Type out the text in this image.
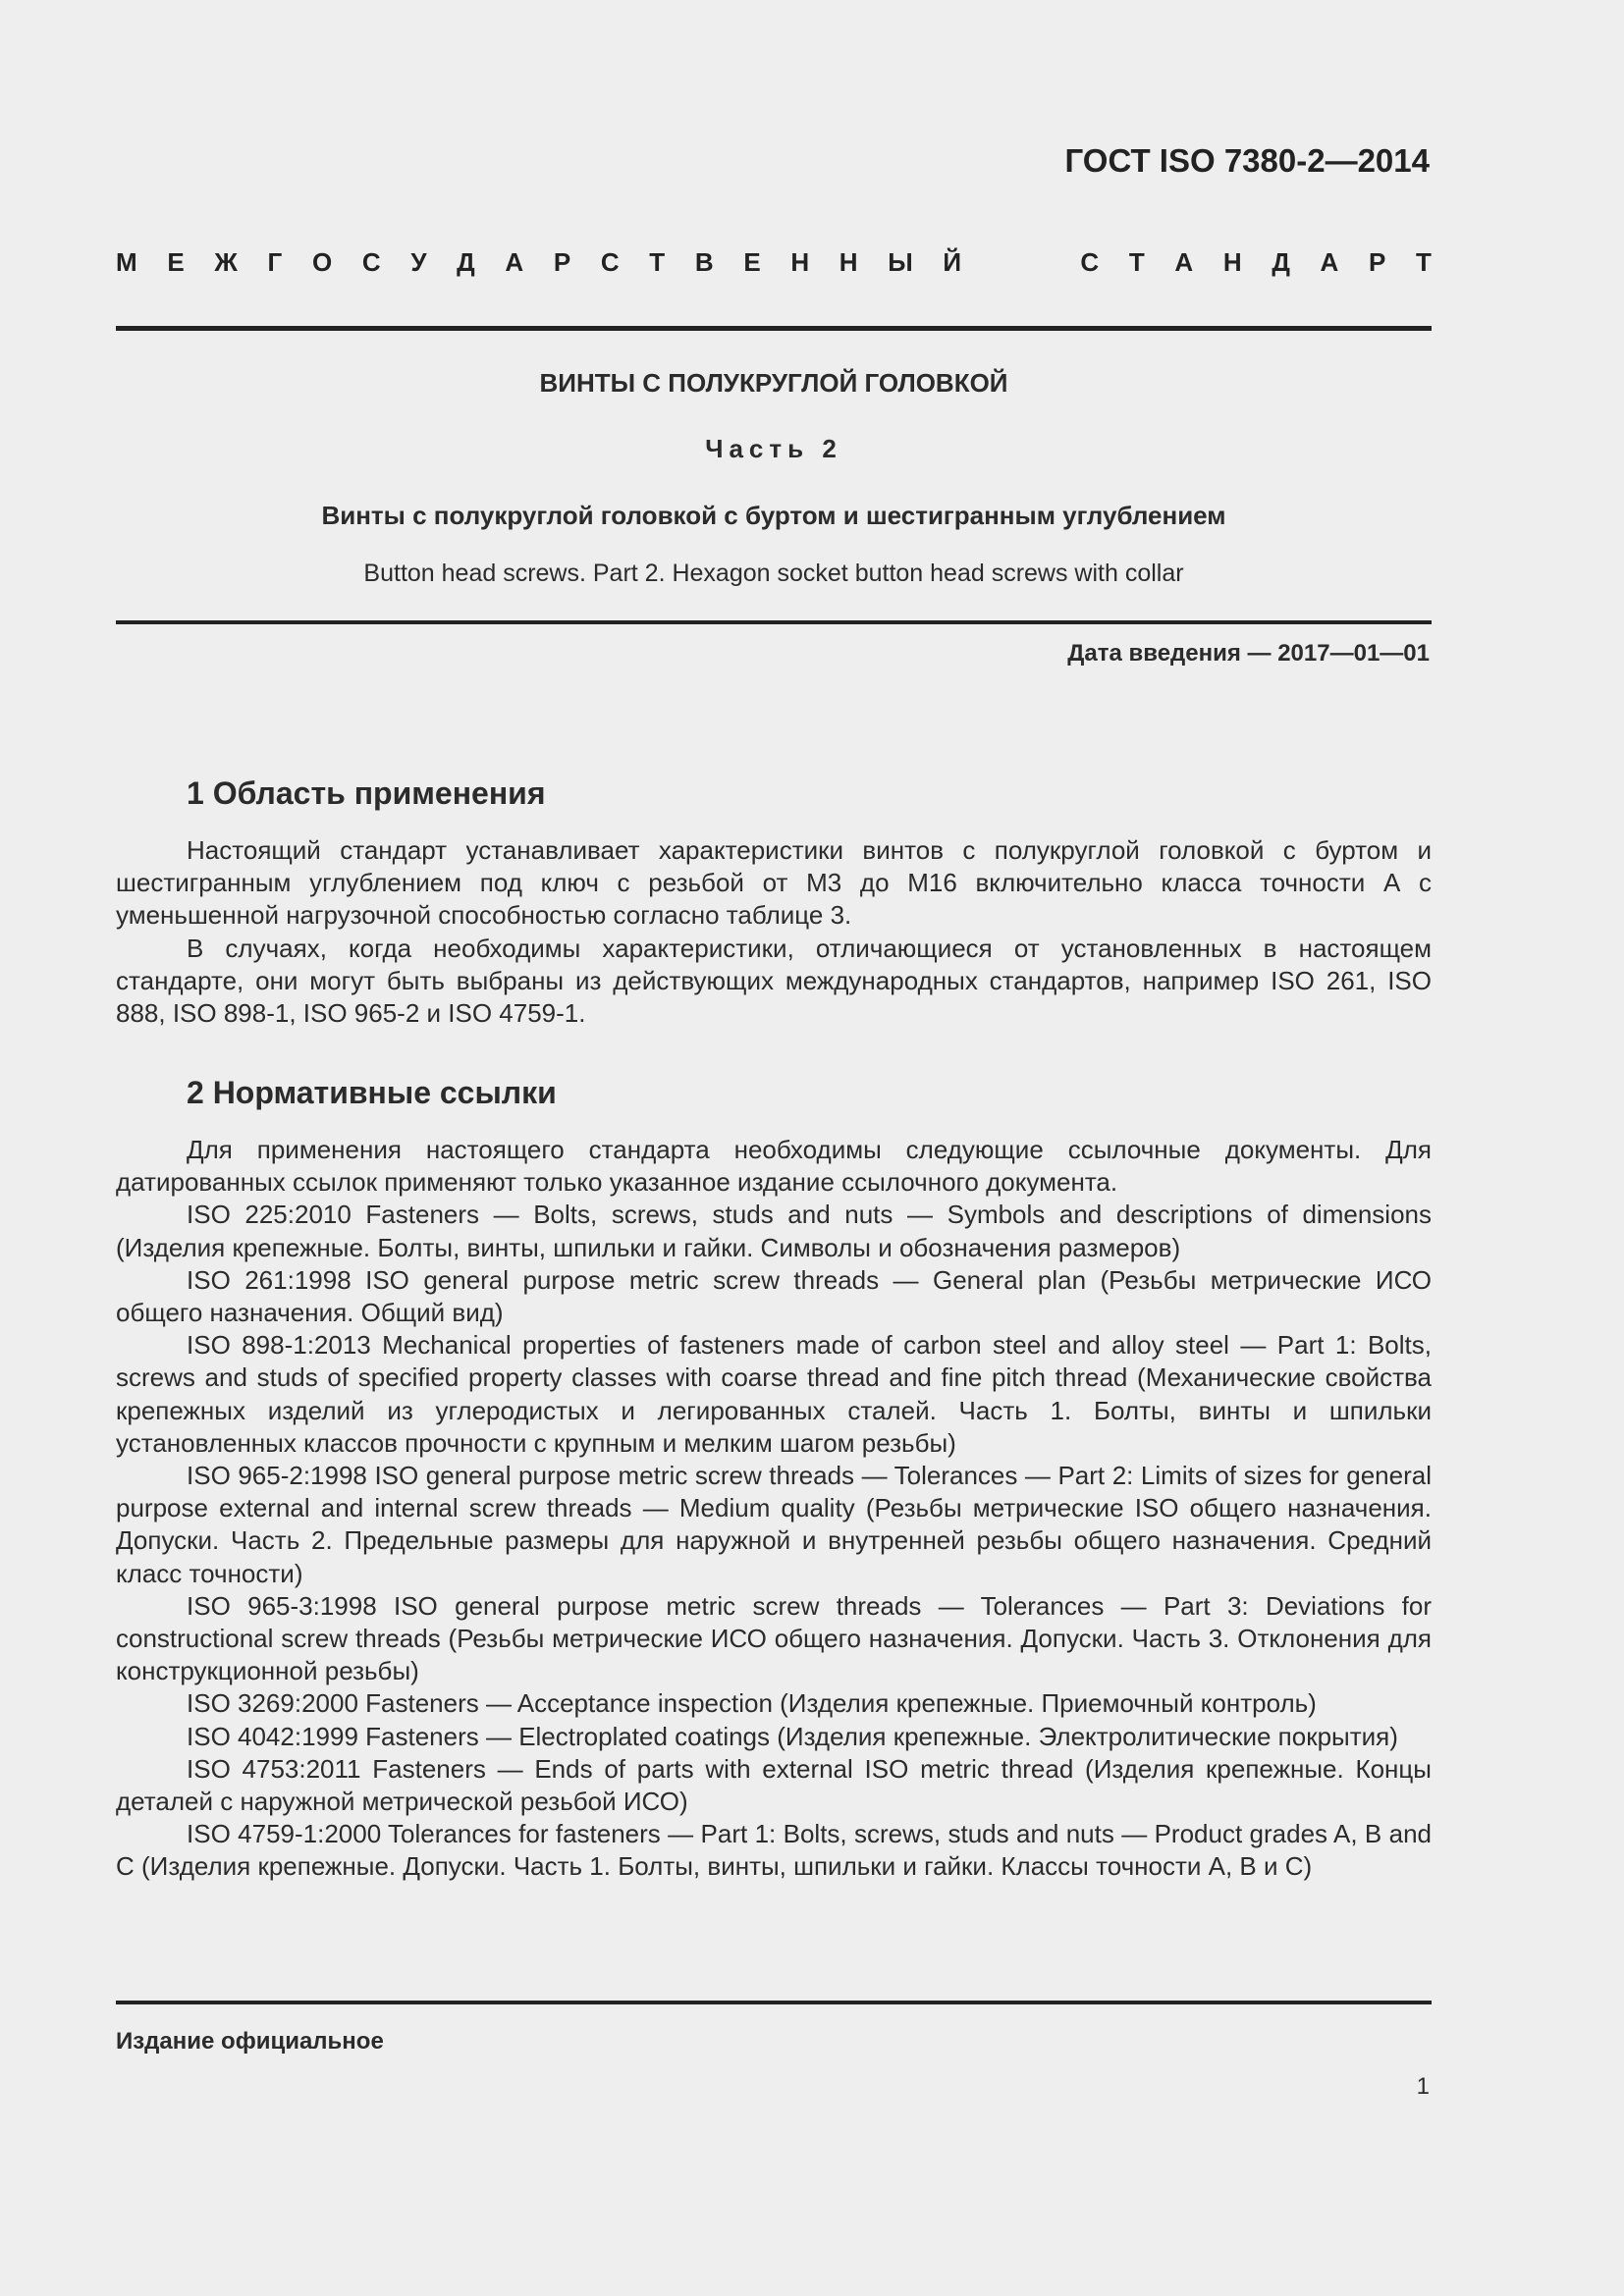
ГОСТ ISO 7380-2—2014
М Е Ж Г О С У Д А Р С Т В Е Н Н Ы Й	С Т А Н Д А Р Т
ВИНТЫ С ПОЛУКРУГЛОЙ ГОЛОВКОЙ
Часть 2
Винты с полукруглой головкой с буртом и шестигранным углублением
Button head screws. Part 2. Hexagon socket button head screws with collar
Дата введения — 2017—01—01
1 Область применения

Настоящий стандарт устанавливает характеристики винтов с полукруглой головкой с буртом и шестигранным углублением под ключ с резьбой от М3 до М16 включительно класса точности А с уменьшенной нагрузочной способностью согласно таблице 3.

В случаях, когда необходимы характеристики, отличающиеся от установленных в настоящем стандарте, они могут быть выбраны из действующих международных стандартов, например ISO 261, ISO 888, ISO 898-1, ISO 965-2 и ISO 4759-1.

2 Нормативные ссылки

Для применения настоящего стандарта необходимы следующие ссылочные документы. Для датированных ссылок применяют только указанное издание ссылочного документа.

ISO 225:2010 Fasteners — Bolts, screws, studs and nuts — Symbols and descriptions of dimensions (Изделия крепежные. Болты, винты, шпильки и гайки. Символы и обозначения размеров)

ISO 261:1998 ISO general purpose metric screw threads — General plan (Резьбы метрические ИСО общего назначения. Общий вид)

ISO 898-1:2013 Mechanical properties of fasteners made of carbon steel and alloy steel — Part 1: Bolts, screws and studs of specified property classes with coarse thread and fine pitch thread (Механические свойства крепежных изделий из углеродистых и легированных сталей. Часть 1. Болты, винты и шпильки установленных классов прочности с крупным и мелким шагом резьбы)

ISO 965-2:1998 ISO general purpose metric screw threads — Tolerances — Part 2: Limits of sizes for general purpose external and internal screw threads — Medium quality (Резьбы метрические ISO общего назначения. Допуски. Часть 2. Предельные размеры для наружной и внутренней резьбы общего назначения. Средний класс точности)

ISO 965-3:1998 ISO general purpose metric screw threads — Tolerances — Part 3: Deviations for constructional screw threads (Резьбы метрические ИСО общего назначения. Допуски. Часть 3. Отклонения для конструкционной резьбы)

ISO 3269:2000 Fasteners — Acceptance inspection (Изделия крепежные. Приемочный контроль)

ISO 4042:1999 Fasteners — Electroplated coatings (Изделия крепежные. Электролитические покрытия)

ISO 4753:2011 Fasteners — Ends of parts with external ISO metric thread (Изделия крепежные. Концы деталей с наружной метрической резьбой ИСО)

ISO 4759-1:2000 Tolerances for fasteners — Part 1: Bolts, screws, studs and nuts — Product grades A, B and C (Изделия крепежные. Допуски. Часть 1. Болты, винты, шпильки и гайки. Классы точности А, В и С)

Издание официальное
1
